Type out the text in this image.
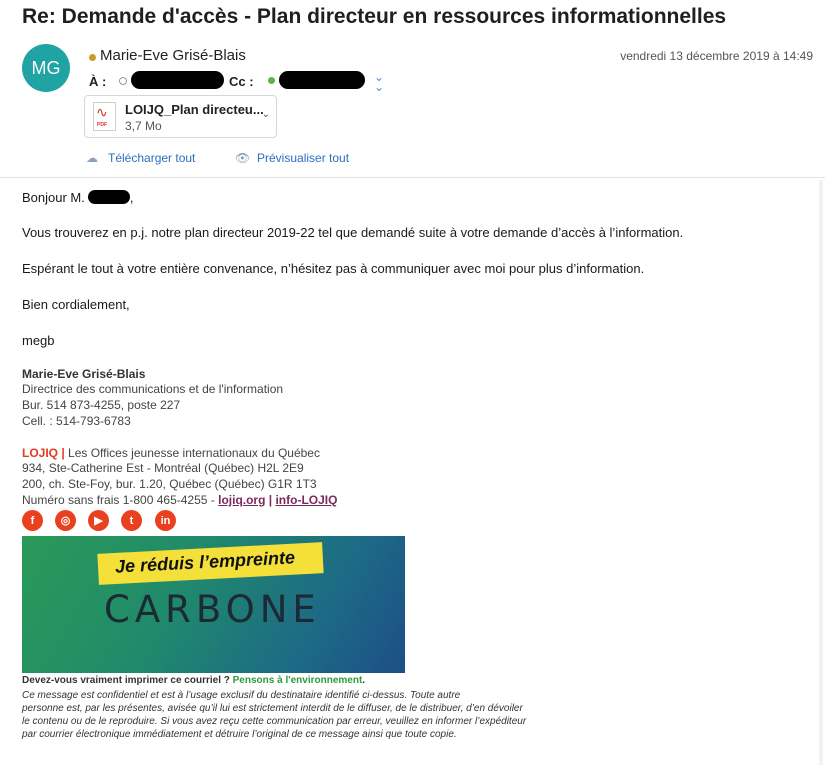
Re: Demande d'accès - Plan directeur en ressources informationnelles
MG
Marie-Eve Grisé-Blais	vendredi 13 décembre 2019 à 14:49
À :	Cc :	⌄
⌄
∿
PDF
LOIJQ_Plan directeu...
3,7 Mo
⌄
☁ Télécharger tout	👁 Prévisualiser tout
Bonjour M.	,
Vous trouverez en p.j. notre plan directeur 2019-22 tel que demandé suite à votre demande d’accès à l’information.
Espérant le tout à votre entière convenance, n’hésitez pas à communiquer avec moi pour plus d’information.
Bien cordialement,
megb
Marie-Eve Grisé-Blais
Directrice des communications et de l'information
Bur. 514 873-4255, poste 227
Cell. : 514-793-6783
LOJIQ | Les Offices jeunesse internationaux du Québec
934, Ste-Catherine Est - Montréal (Québec) H2L 2E9
200, ch. Ste-Foy, bur. 1.20, Québec (Québec) G1R 1T3
Numéro sans frais 1-800 465-4255 - lojiq.org | info-LOJIQ
f	◎	▶	t	in
Je réduis l’empreinte
CARBONE
Devez-vous vraiment imprimer ce courriel ? Pensons à l'environnement.
Ce message est confidentiel et est à l’usage exclusif du destinataire identifié ci-dessus. Toute autre
personne est, par les présentes, avisée qu’il lui est strictement interdit de le diffuser, de le distribuer, d’en dévoiler
le contenu ou de le reproduire. Si vous avez reçu cette communication par erreur, veuillez en informer l’expéditeur
par courrier électronique immédiatement et détruire l’original de ce message ainsi que toute copie.
